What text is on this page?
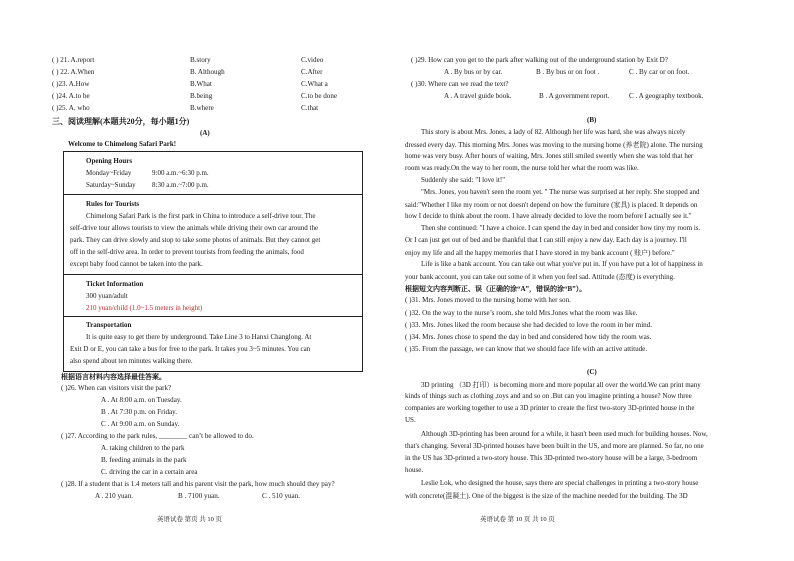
( ) 21. A.report	B.story	C.video
( ) 22. A.When	B. Although	C.After
( )23. A.How	B.What	C.What a
( )24. A.to be	B.being	C.to be done
( )25. A. who	B.where	C.that
三、阅读理解(本题共20分，每小题1分)
(A)
Welcome to Chimelong Safari Park!
Opening Hours
Monday~Friday	9:00 a.m.~6:30 p.m.
Saturday~Sunday 8:30 a.m.~7:00 p.m.
Rules for Tourists
Chimelong Safari Park is the first park in China to introduce a self-drive tour. The
self-drive tour allows tourists to view the animals while driving their own car around the
park. They can drive slowly and stop to take some photos of animals. But they cannot get
off in the self-drive area. In order to prevent tourists from feeding the animals, food
except baby food cannot be taken into the park.
Ticket Information
300 yuan/adult
210 yuan/child (1.0~1.5 meters in height)
Transportation
It is quite easy to get there by underground. Take Line 3 to Hanxi Changlong. At
Exit D or E, you can take a bus for free to the park. It takes you 3~5 minutes. You can
also spend about ten minutes walking there.
根据语言材料内容选择最佳答案。
( )26. When can visitors visit the park?
A . At 8:00 a.m. on Tuesday.
B . At 7:30 p.m. on Friday.
C . At 9:00 a.m. on Sunday.
( )27. According to the park rules, ________ can’t be allowed to do.
A. taking children to the park
B. feeding animals in the park
C. driving the car in a certain area
( )28. If a student that is 1.4 meters tall and his parent visit the park, how much should they pay?
A . 210 yuan.	B . 7100 yuan.	C . 510 yuan.
英语试卷 第页 共 10 页
( )29. How can you get to the park after walking out of the underground station by Exit D?
A . By bus or by car.	B . By bus or on foot .	C . By car or on foot.
( )30. Where can we read the text?
A . A travel guide book.	B . A government report.	C . A geography textbook.
(B)
This story is about Mrs. Jones, a lady of 82. Although her life was hard, she was always nicely
dressed every day. This morning Mrs. Jones was moving to the nursing home (养老院) alone. The nursing
home was very busy. After hours of waiting, Mrs. Jones still smiled sweetly when she was told that her
room was ready.On the way to her room, the nurse told her what the room was like.
Suddenly she said: "I love it!"
"Mrs. Jones, you haven't seen the room yet. " The nurse was surprised at her reply. She stopped and
said:"Whether I like my room or not doesn't depend on how the furniture (家具) is placed. It depends on
how I decide to think about the room. I have already decided to love the room before I actually see it."
Then she continued: "I have a choice. I can spend the day in bed and consider how tiny my room is.
Or I can just get out of bed and be thankful that I can still enjoy a new day. Each day is a journey. I'll
enjoy my life and all the happy memories that I have stored in my bank account ( 账户) before."
Life is like a bank account. You can take out what you've put in. If you have put a lot of happiness in
your bank account, you can take out some of it when you feel sad. Attitude (态度) is everything.
根据短文内容判断正、误（正确的涂“A”，错误的涂“B”）。
( )31. Mrs. Jones moved to the nursing home with her son.
( )32. On the way to the nurse’s room, she told Mrs.Jones what the room was like.
( )33. Mrs. Jones liked the room because she had decided to love the room in her mind.
( )34. Mrs. Jones chose to spend the day in bed and considered how tidy the room was.
( )35. From the passage, we can know that we should face life with an active attitude.
(C)
3D printing （3D 打印）is becoming more and more popular all over the world.We can print many
kinds of things such as clothing ,toys and and so on .But can you imagine printing a house? Now three
companies are working together to use a 3D printer to create the first two-story 3D-printed house in the
US.
Although 3D-printing has been around for a while, it hasn't been used much for building houses. Now,
that's changing. Several 3D-printed houses have been built in the US, and more are planned. So far, no one
in the US has 3D-printed a two-story house. This 3D-printed two-story house will be a large, 3-bedroom
house.
Leslie Lok, who designed the house, says there are special challenges in printing a two-story house
with concrete(混凝土). One of the biggest is the size of the machine needed for the building. The 3D
英语试卷 第 10 页 共 10 页
